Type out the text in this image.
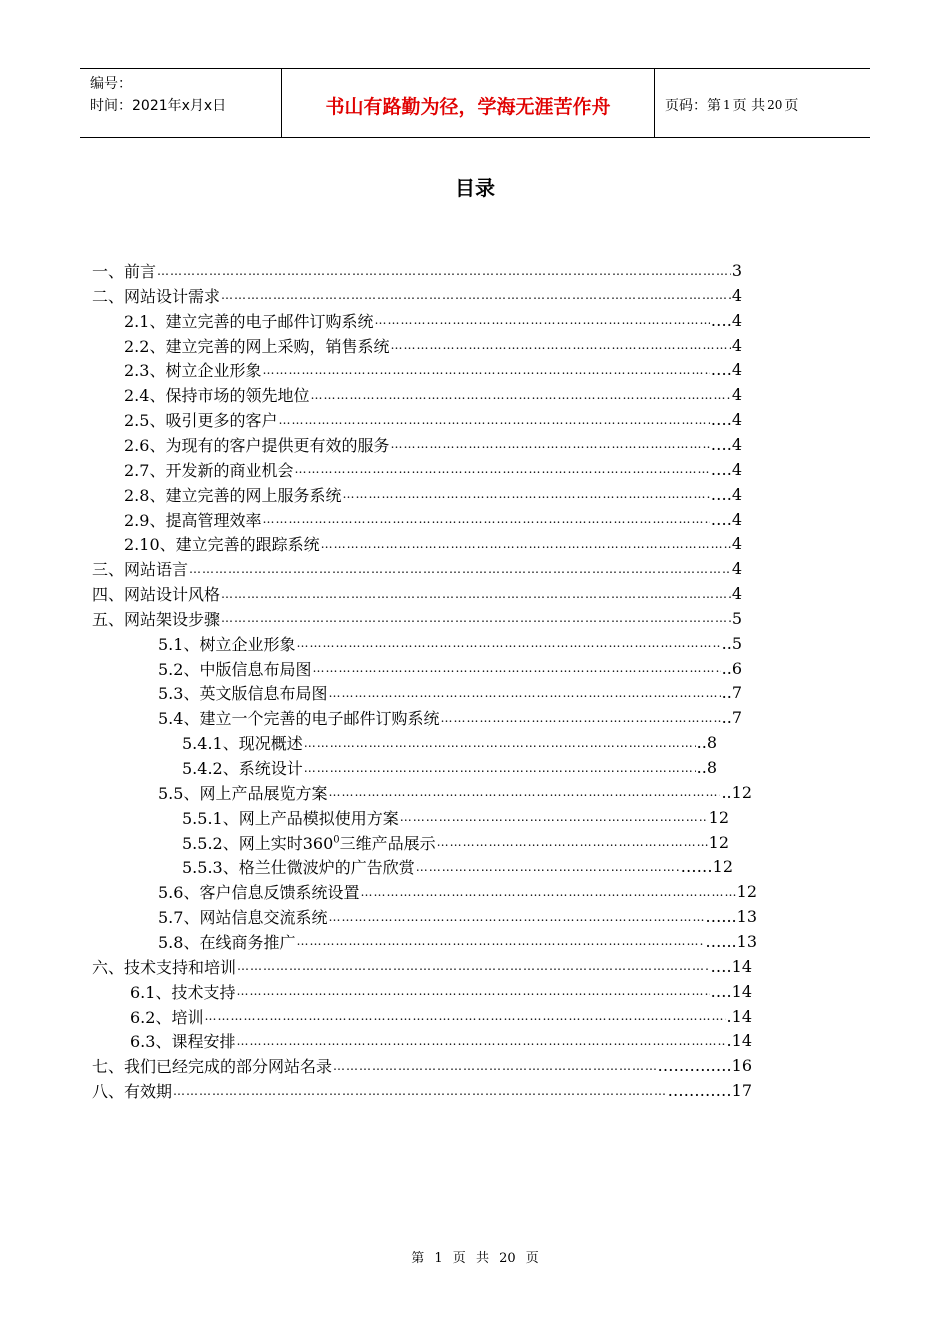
编号：
时间：2021年x月x日	书山有路勤为径，学海无涯苦作舟	页码：第 1 页 共 20 页
目录
一、 前言 ……………………………………………………………………………………………………………………………………………………………………………………………………………………………………………………………	3
二、 网站设计需求 ……………………………………………………………………………………………………………………………………………………………………………………………………………………………………………………………	4
2.1、 建立完善的电子邮件订购系统 ……………………………………………………………………………………………………………………………………………………………………………………………………………………………………………………………	….4
2.2、 建立完善的网上采购，销售系统 ……………………………………………………………………………………………………………………………………………………………………………………………………………………………………………………………	4
2.3、 树立企业形象 ……………………………………………………………………………………………………………………………………………………………………………………………………………………………………………………………	….4
2.4、 保持市场的领先地位 ……………………………………………………………………………………………………………………………………………………………………………………………………………………………………………………………	4
2.5、 吸引更多的客户 ……………………………………………………………………………………………………………………………………………………………………………………………………………………………………………………………	….4
2.6、 为现有的客户提供更有效的服务 ……………………………………………………………………………………………………………………………………………………………………………………………………………………………………………………………	….4
2.7、 开发新的商业机会 ……………………………………………………………………………………………………………………………………………………………………………………………………………………………………………………………	….4
2.8、 建立完善的网上服务系统 ……………………………………………………………………………………………………………………………………………………………………………………………………………………………………………………………	….4
2.9、 提高管理效率 ……………………………………………………………………………………………………………………………………………………………………………………………………………………………………………………………	….4
2.10、 建立完善的跟踪系统 ……………………………………………………………………………………………………………………………………………………………………………………………………………………………………………………………	4
三、 网站语言 ……………………………………………………………………………………………………………………………………………………………………………………………………………………………………………………………	4
四、 网站设计风格 ……………………………………………………………………………………………………………………………………………………………………………………………………………………………………………………………	4
五、 网站架设步骤 ……………………………………………………………………………………………………………………………………………………………………………………………………………………………………………………………	5
5.1、 树立企业形象 ……………………………………………………………………………………………………………………………………………………………………………………………………………………………………………………………	..5
5.2、 中版信息布局图 ……………………………………………………………………………………………………………………………………………………………………………………………………………………………………………………………	..6
5.3、 英文版信息布局图 ……………………………………………………………………………………………………………………………………………………………………………………………………………………………………………………………	..7
5.4、 建立一个完善的电子邮件订购系统 ……………………………………………………………………………………………………………………………………………………………………………………………………………………………………………………………	..7
5.4.1、 现况概述 ……………………………………………………………………………………………………………………………………………………………………………………………………………………………………………………………	..8
5.4.2、 系统设计 ……………………………………………………………………………………………………………………………………………………………………………………………………………………………………………………………	..8
5.5、 网上产品展览方案 ……………………………………………………………………………………………………………………………………………………………………………………………………………………………………………………………	..12
5.5.1、 网上产品模拟使用方案 ……………………………………………………………………………………………………………………………………………………………………………………………………………………………………………………………	12
5.5.2、 网上实时$360^0$三维产品展示 ……………………………………………………………………………………………………………………………………………………………………………………………………………………………………………………………	12
5.5.3、 格兰仕微波炉的广告欣赏 ……………………………………………………………………………………………………………………………………………………………………………………………………………………………………………………………	……12
5.6、 客户信息反馈系统设置 ……………………………………………………………………………………………………………………………………………………………………………………………………………………………………………………………	12
5.7、 网站信息交流系统 ……………………………………………………………………………………………………………………………………………………………………………………………………………………………………………………………	…...13
5.8、 在线商务推广 ……………………………………………………………………………………………………………………………………………………………………………………………………………………………………………………………	…...13
六、 技术支持和培训 ……………………………………………………………………………………………………………………………………………………………………………………………………………………………………………………………	….14
6.1、 技术支持 ……………………………………………………………………………………………………………………………………………………………………………………………………………………………………………………………	….14
6.2、 培训 ……………………………………………………………………………………………………………………………………………………………………………………………………………………………………………………………	.14
6.3、 课程安排 ……………………………………………………………………………………………………………………………………………………………………………………………………………………………………………………………	.14
七、 我们已经完成的部分网站名录 ……………………………………………………………………………………………………………………………………………………………………………………………………………………………………………………………	……….….16
八、 有效期 ……………………………………………………………………………………………………………………………………………………………………………………………………………………………………………………………	…………17
第 1 页 共 20 页
